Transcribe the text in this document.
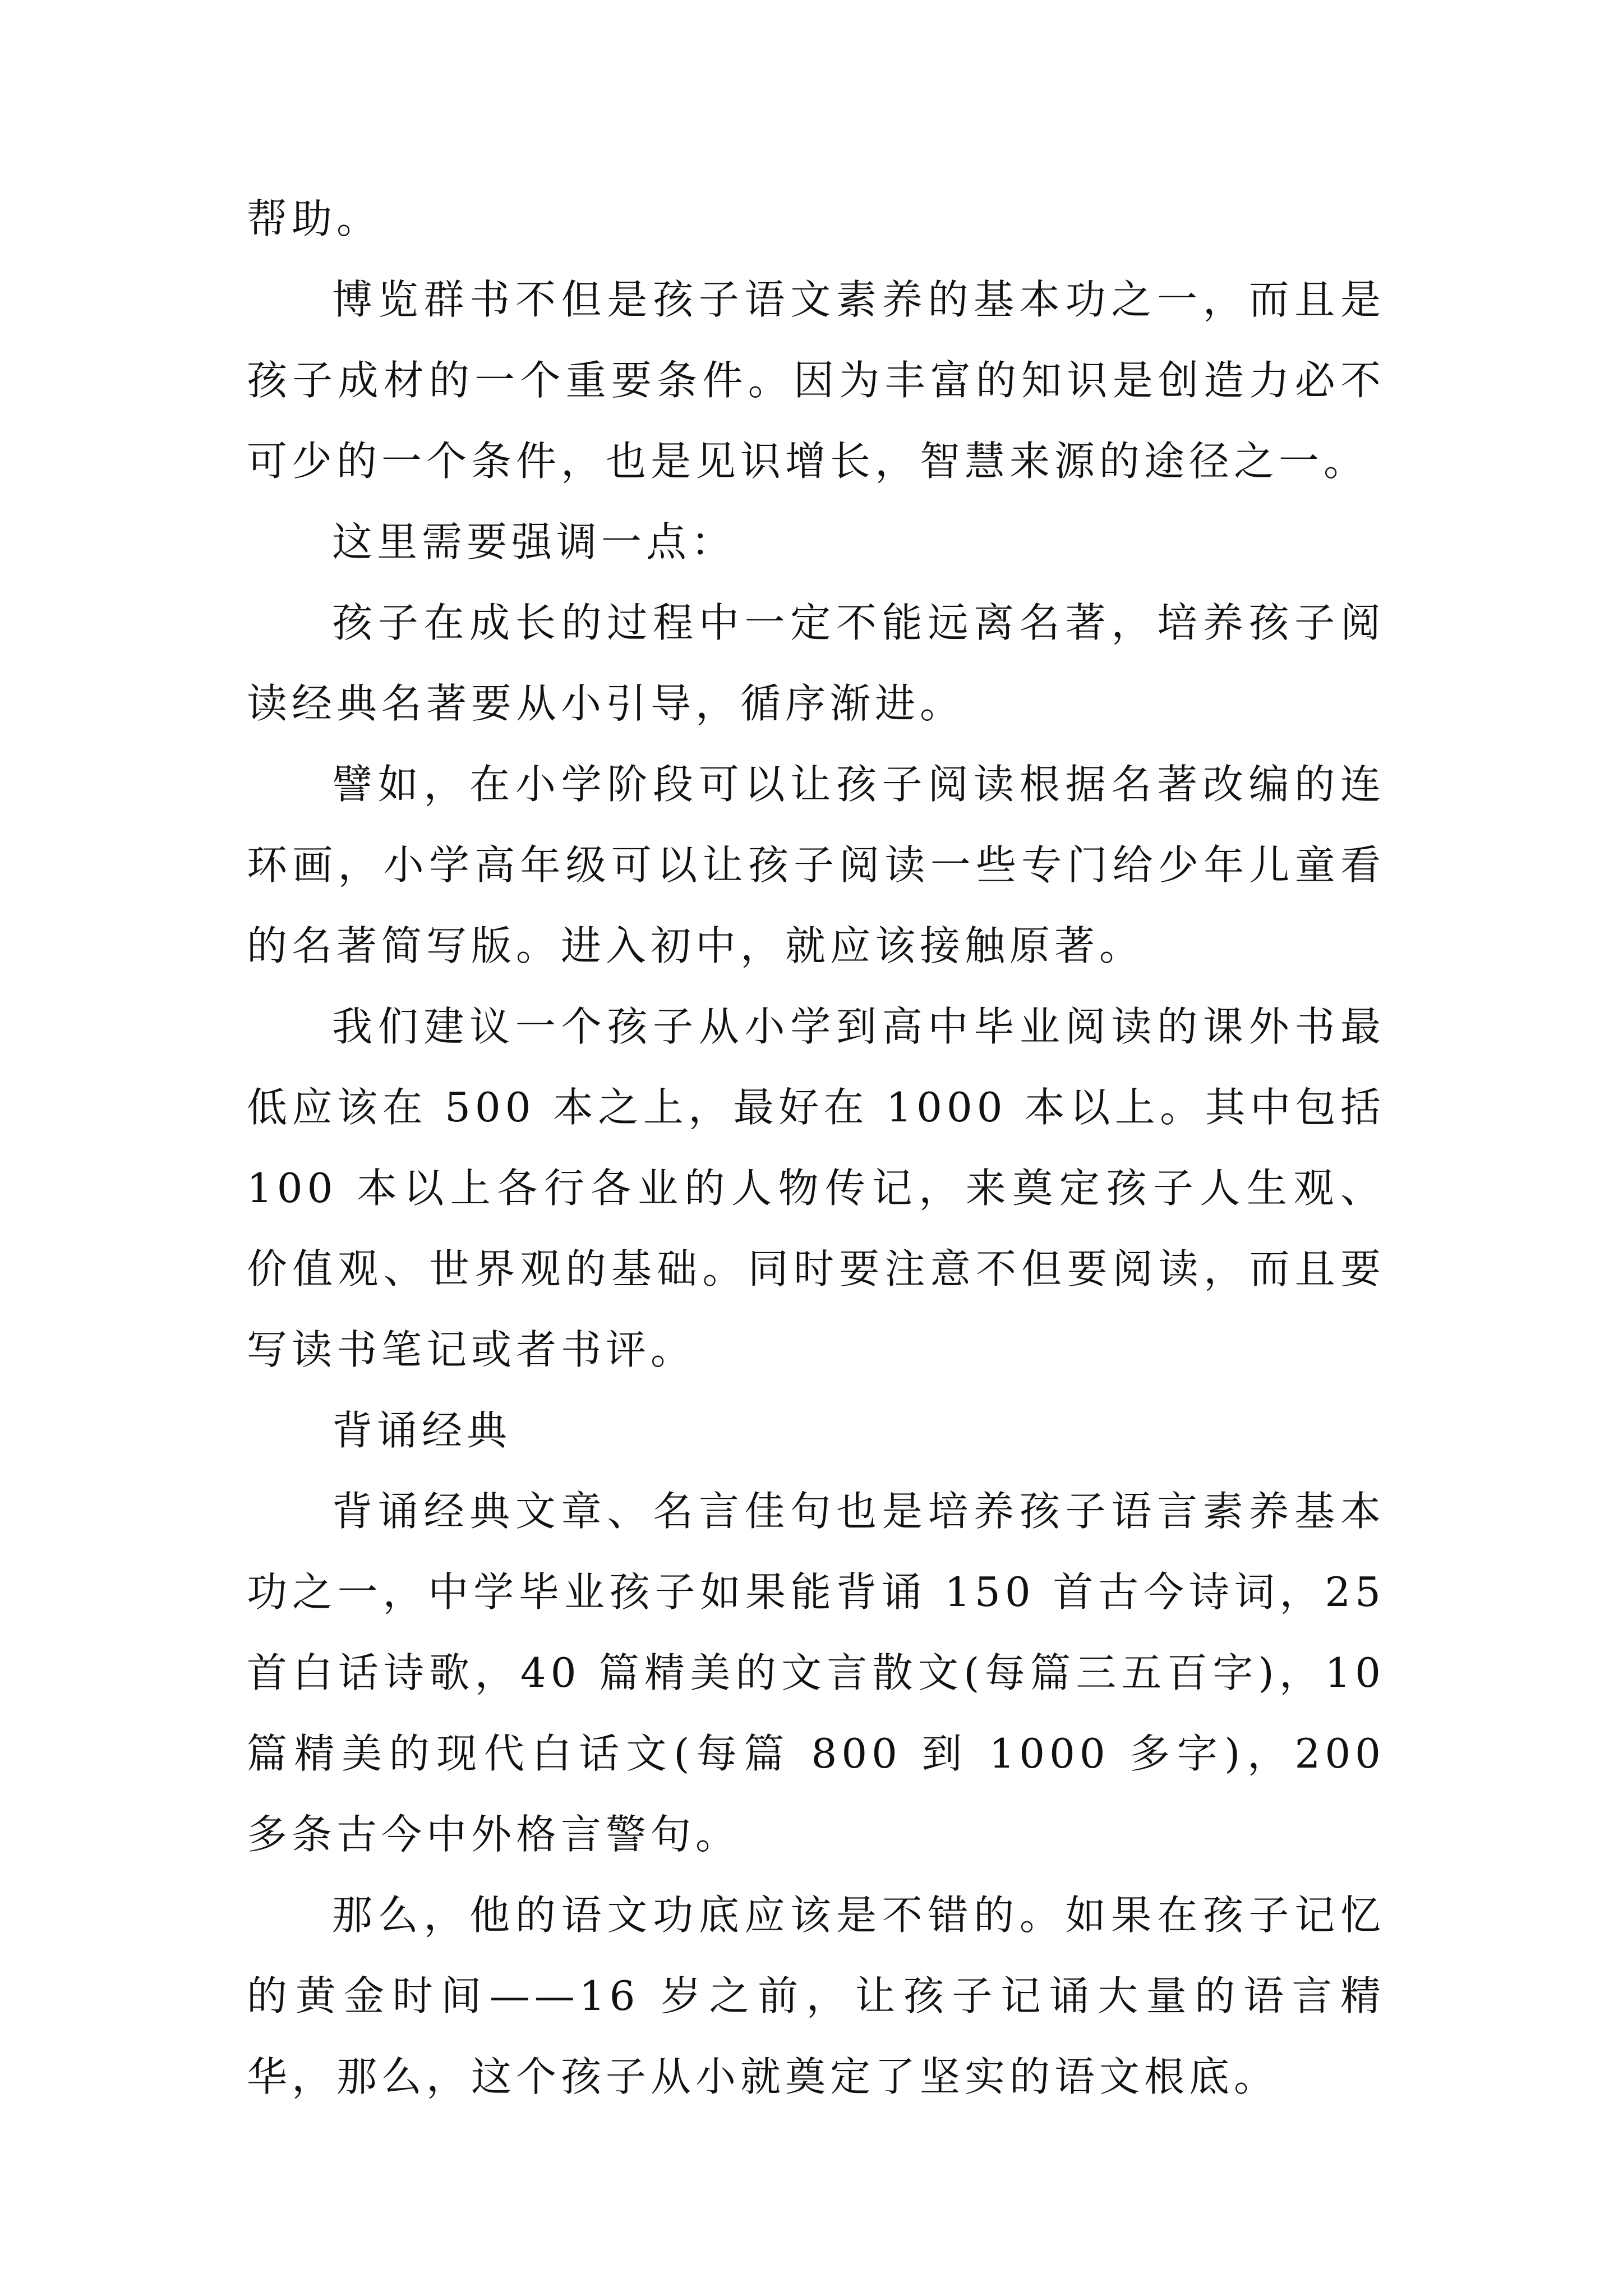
帮助。

博览群书不但是孩子语文素养的基本功之一，而且是孩子成材的一个重要条件。因为丰富的知识是创造力必不可少的一个条件，也是见识增长，智慧来源的途径之一。

这里需要强调一点：

孩子在成长的过程中一定不能远离名著，培养孩子阅读经典名著要从小引导，循序渐进。

譬如，在小学阶段可以让孩子阅读根据名著改编的连环画，小学高年级可以让孩子阅读一些专门给少年儿童看的名著简写版。进入初中，就应该接触原著。

我们建议一个孩子从小学到高中毕业阅读的课外书最低应该在 500 本之上，最好在 1000 本以上。其中包括 100 本以上各行各业的人物传记，来奠定孩子人生观、价值观、世界观的基础。同时要注意不但要阅读，而且要写读书笔记或者书评。

背诵经典

背诵经典文章、名言佳句也是培养孩子语言素养基本功之一，中学毕业孩子如果能背诵 150 首古今诗词，25 首白话诗歌，40 篇精美的文言散文(每篇三五百字)，10 篇精美的现代白话文(每篇 800 到 1000 多字)，200 多条古今中外格言警句。

那么，他的语文功底应该是不错的。如果在孩子记忆的黄金时间——16 岁之前，让孩子记诵大量的语言精华，那么，这个孩子从小就奠定了坚实的语文根底。
